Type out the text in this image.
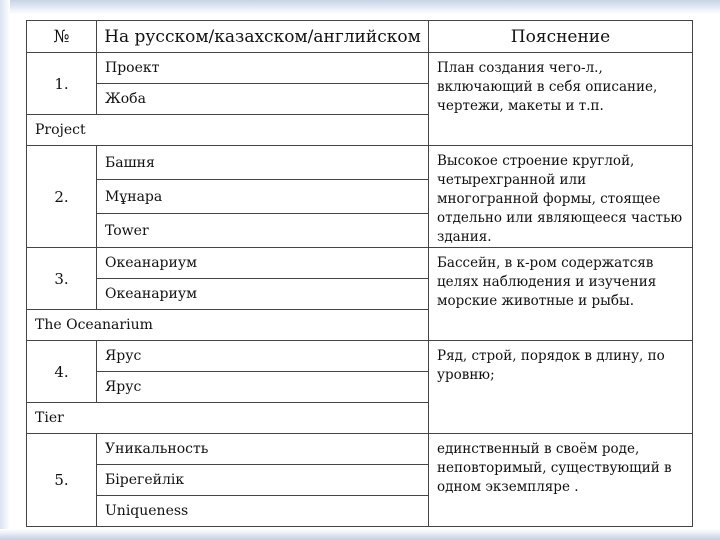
№	На русском/казахском/английском	Пояснение
1.	Проект	План создания чего-л., включающий в себя описание, чертежи, макеты и т.п.
	Жоба	
Project		
2.	Башня	Высокое строение круглой, четырехгранной или многогранной формы, стоящее отдельно или являющееся частью здания.
	Мұнара	
	Tower	
3.	Океанариум	Бассейн, в к-ром содержатсяв целях наблюдения и изучения морские животные и рыбы.
	Океанариум	
The Oceanarium		
4.	Ярус	Ряд, строй, порядок в длину, по уровню;
	Ярус	
Tier		
5.	Уникальность	единственный в своём роде, неповторимый, существующий в одном экземпляре .
	Бірегейлік	
	Uniqueness	
